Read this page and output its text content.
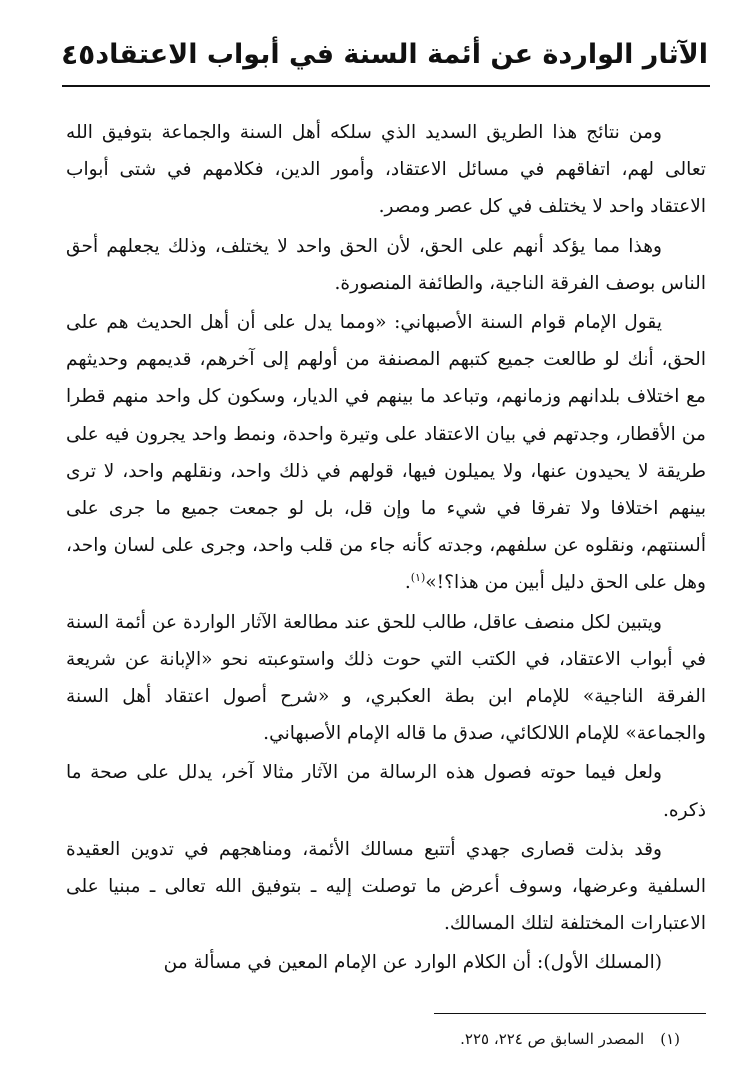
الآثار الواردة عن أئمة السنة في أبواب الاعتقاد
٤٥

ومن نتائج هذا الطريق السديد الذي سلكه أهل السنة والجماعة بتوفيق الله تعالى لهم، اتفاقهم في مسائل الاعتقاد، وأمور الدين، فكلامهم في شتى أبواب الاعتقاد واحد لا يختلف في كل عصر ومصر.

وهذا مما يؤكد أنهم على الحق، لأن الحق واحد لا يختلف، وذلك يجعلهم أحق الناس بوصف الفرقة الناجية، والطائفة المنصورة.

يقول الإمام قوام السنة الأصبهاني: «ومما يدل على أن أهل الحديث هم على الحق، أنك لو طالعت جميع كتبهم المصنفة من أولهم إلى آخرهم، قديمهم وحديثهم مع اختلاف بلدانهم وزمانهم، وتباعد ما بينهم في الديار، وسكون كل واحد منهم قطرا من الأقطار، وجدتهم في بيان الاعتقاد على وتيرة واحدة، ونمط واحد يجرون فيه على طريقة لا يحيدون عنها، ولا يميلون فيها، قولهم في ذلك واحد، ونقلهم واحد، لا ترى بينهم اختلافا ولا تفرقا في شيء ما وإن قل، بل لو جمعت جميع ما جرى على ألسنتهم، ونقلوه عن سلفهم، وجدته كأنه جاء من قلب واحد، وجرى على لسان واحد، وهل على الحق دليل أبين من هذا؟!»$^{(١)}$.

ويتبين لكل منصف عاقل، طالب للحق عند مطالعة الآثار الواردة عن أئمة السنة في أبواب الاعتقاد، في الكتب التي حوت ذلك واستوعبته نحو «الإبانة عن شريعة الفرقة الناجية» للإمام ابن بطة العكبري، و «شرح أصول اعتقاد أهل السنة والجماعة» للإمام اللالكائي، صدق ما قاله الإمام الأصبهاني.

ولعل فيما حوته فصول هذه الرسالة من الآثار مثالا آخر، يدلل على صحة ما ذكره.

وقد بذلت قصارى جهدي أتتبع مسالك الأئمة، ومناهجهم في تدوين العقيدة السلفية وعرضها، وسوف أعرض ما توصلت إليه ـ بتوفيق الله تعالى ـ مبنيا على الاعتبارات المختلفة لتلك المسالك.

(المسلك الأول): أن الكلام الوارد عن الإمام المعين في مسألة من

(١)المصدر السابق ص ٢٢٤، ٢٢٥.
